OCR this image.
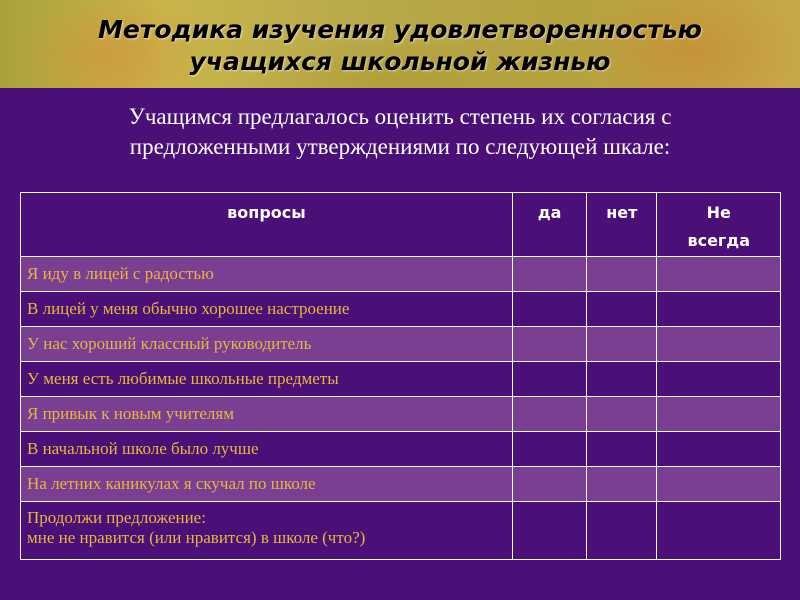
Методика изучения удовлетворенностью
учащихся школьной жизнью
Учащимся предлагалось оценить степень их согласия с
предложенными утверждениями по следующей шкале:
вопросы	да	нет	Не
всегда

Я иду в лицей с радостью			
В лицей у меня обычно хорошее настроение			
У нас хороший классный руководитель			
У меня есть любимые школьные предметы			
Я привык к новым учителям			
В начальной школе было лучше			
На летних каникулах я скучал по школе			

Продолжи предложение:
мне не нравится (или нравится) в школе (что?)			
